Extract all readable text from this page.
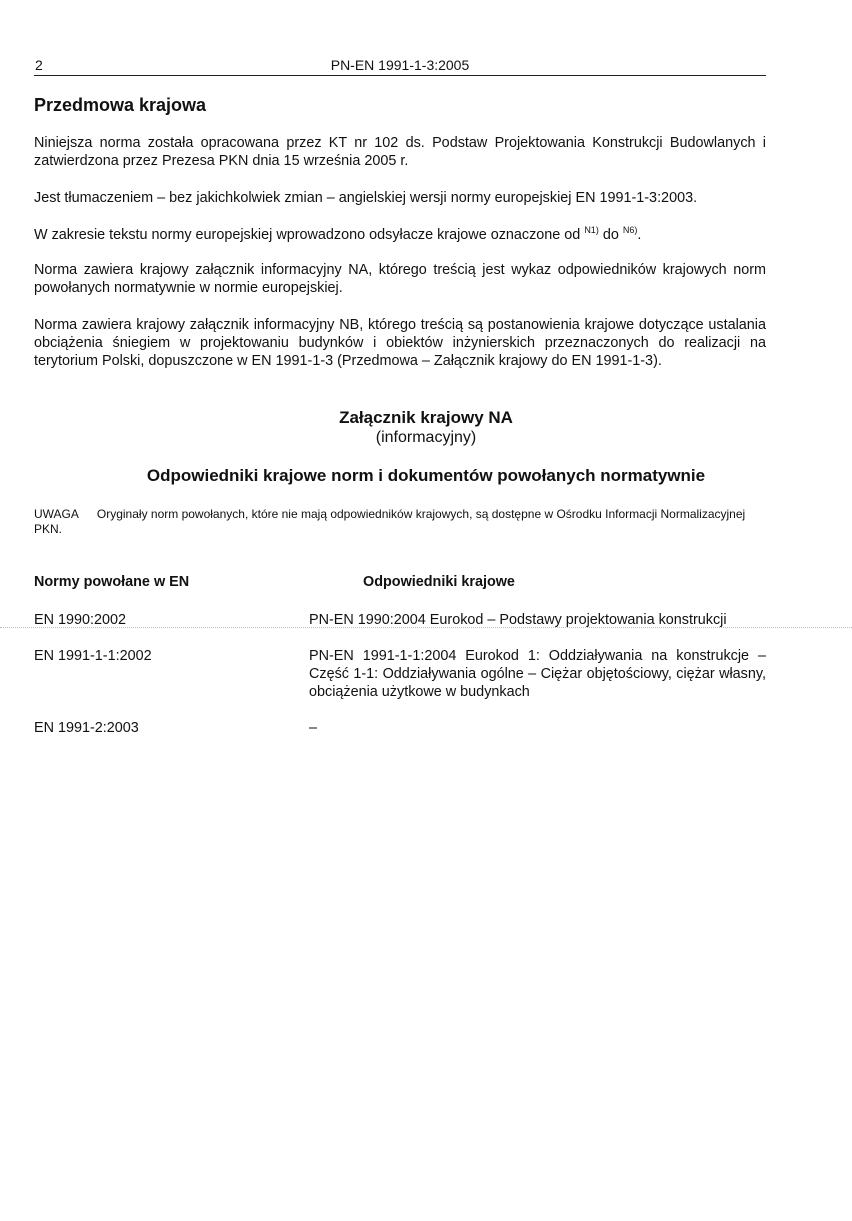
2	PN-EN 1991-1-3:2005
Przedmowa krajowa
Niniejsza norma została opracowana przez KT nr 102 ds. Podstaw Projektowania Konstrukcji Budowlanych i zatwierdzona przez Prezesa PKN dnia 15 września 2005 r.
Jest tłumaczeniem – bez jakichkolwiek zmian – angielskiej wersji normy europejskiej EN 1991-1-3:2003.
W zakresie tekstu normy europejskiej wprowadzono odsyłacze krajowe oznaczone od $^{N1)}$ do $^{N6)}$.
Norma zawiera krajowy załącznik informacyjny NA, którego treścią jest wykaz odpowiedników krajowych norm powołanych normatywnie w normie europejskiej.
Norma zawiera krajowy załącznik informacyjny NB, którego treścią są postanowienia krajowe dotyczące ustalania obciążenia śniegiem w projektowaniu budynków i obiektów inżynierskich przeznaczonych do realizacji na terytorium Polski, dopuszczone w EN 1991-1-3 (Przedmowa – Załącznik krajowy do EN 1991-1-3).
Załącznik krajowy NA
(informacyjny)
Odpowiedniki krajowe norm i dokumentów powołanych normatywnie
UWAGA Oryginały norm powołanych, które nie mają odpowiedników krajowych, są dostępne w Ośrodku Informacji Normalizacyjnej PKN.
Normy powołane w EN	Odpowiedniki krajowe
EN 1990:2002	PN-EN 1990:2004 Eurokod – Podstawy projektowania konstrukcji
EN 1991-1-1:2002	PN-EN 1991-1-1:2004 Eurokod 1: Oddziaływania na konstrukcje – Część 1-1: Oddziaływania ogólne – Ciężar objętościowy, ciężar własny, obciążenia użytkowe w budynkach
EN 1991-2:2003	–
